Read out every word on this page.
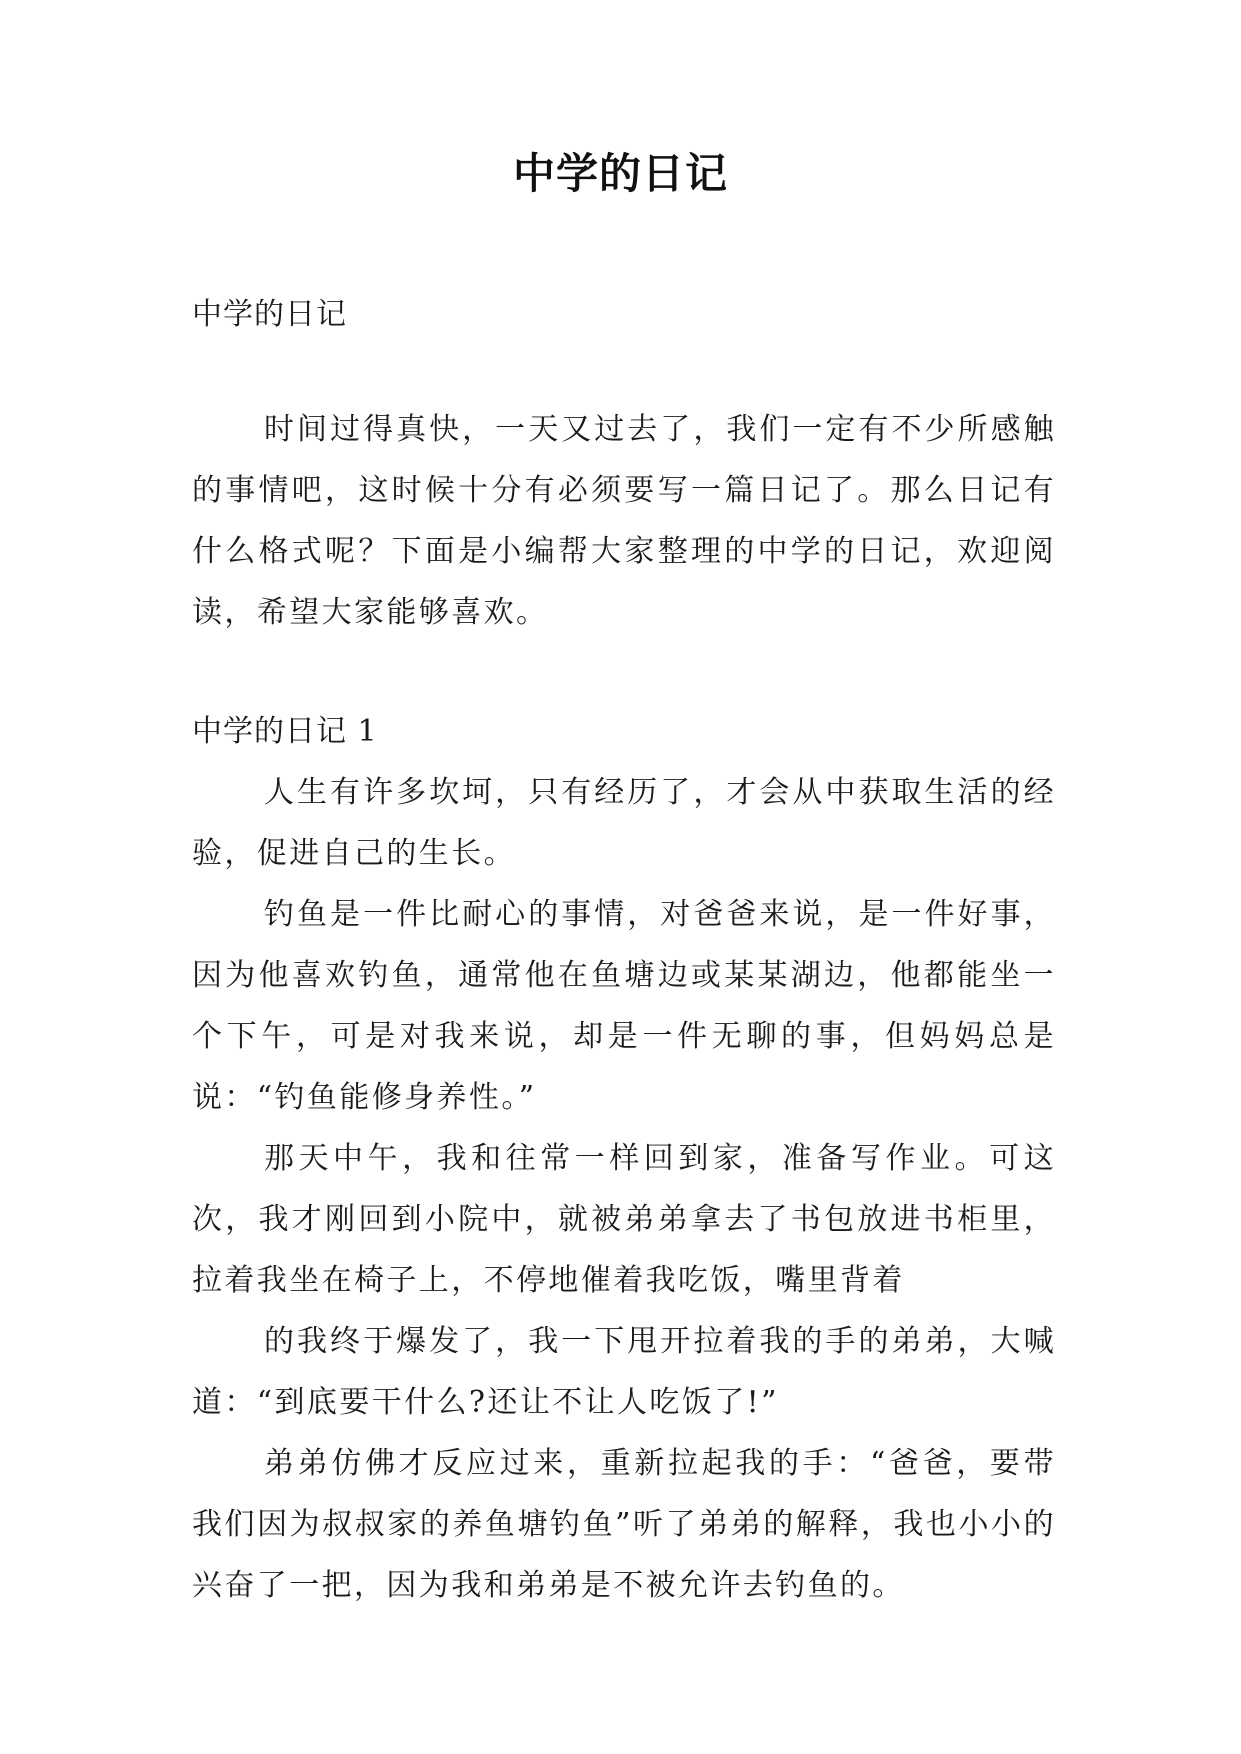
中学的日记

中学的日记

时间过得真快，一天又过去了，我们一定有不少所感触的事情吧，这时候十分有必须要写一篇日记了。那么日记有什么格式呢？下面是小编帮大家整理的中学的日记，欢迎阅读，希望大家能够喜欢。

中学的日记 1

人生有许多坎坷，只有经历了，才会从中获取生活的经验，促进自己的生长。

钓鱼是一件比耐心的事情，对爸爸来说，是一件好事，因为他喜欢钓鱼，通常他在鱼塘边或某某湖边，他都能坐一个下午，可是对我来说，却是一件无聊的事，但妈妈总是说：“钓鱼能修身养性。”

那天中午，我和往常一样回到家，准备写作业。可这次，我才刚回到小院中，就被弟弟拿去了书包放进书柜里，拉着我坐在椅子上，不停地催着我吃饭，嘴里背着

的我终于爆发了，我一下甩开拉着我的手的弟弟，大喊道：“到底要干什么?还让不让人吃饭了!”

弟弟仿佛才反应过来，重新拉起我的手：“爸爸，要带我们因为叔叔家的养鱼塘钓鱼”听了弟弟的解释，我也小小的兴奋了一把，因为我和弟弟是不被允许去钓鱼的。
